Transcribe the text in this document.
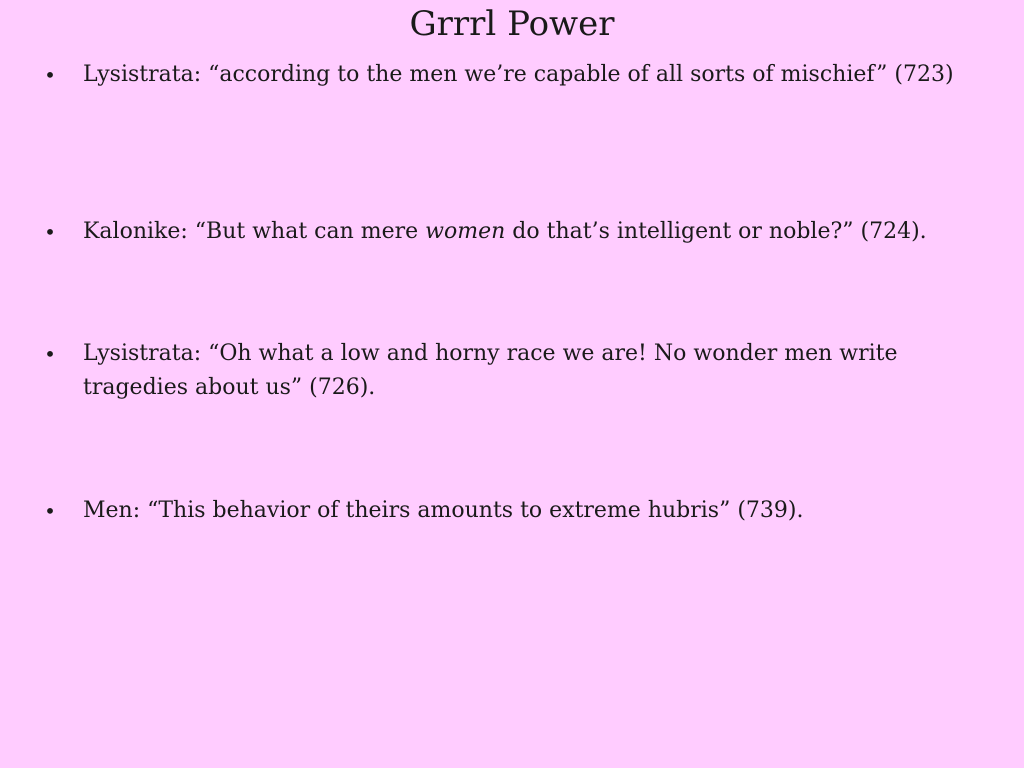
Grrrl Power
• Lysistrata: “according to the men we’re capable of all sorts of mischief” (723)
• Kalonike: “But what can mere women do that’s intelligent or noble?” (724).
• Lysistrata: “Oh what a low and horny race we are! No wonder men write tragedies about us” (726).
• Men: “This behavior of theirs amounts to extreme hubris” (739).
